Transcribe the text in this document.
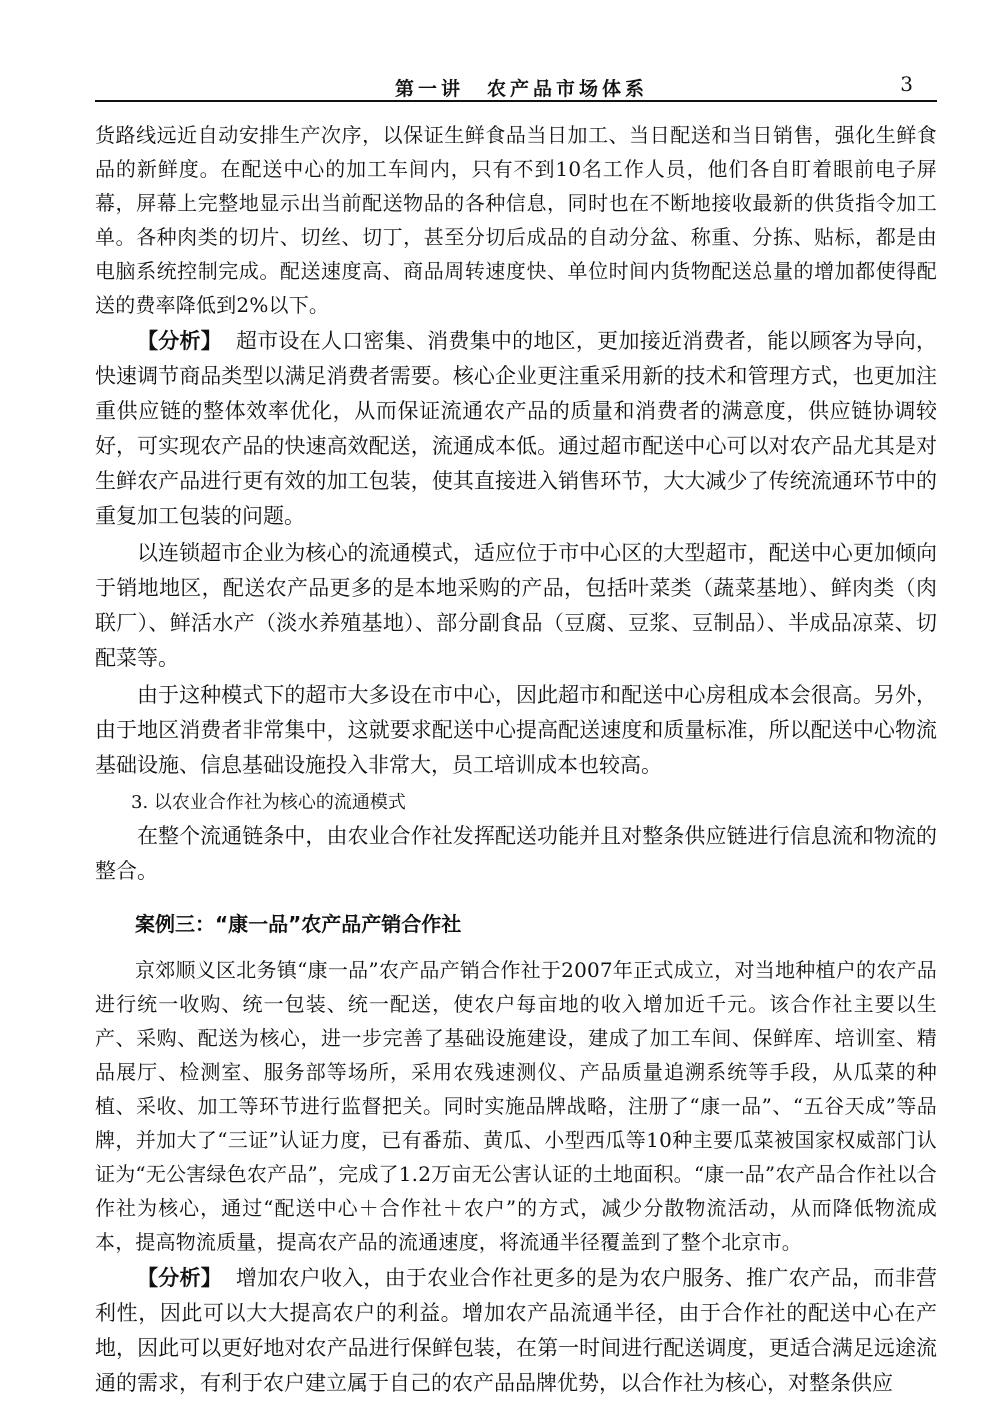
第一讲　农产品市场体系	3

货路线远近自动安排生产次序，以保证生鲜食品当日加工、当日配送和当日销售，强化生鲜食品的新鲜度。在配送中心的加工车间内，只有不到10名工作人员，他们各自盯着眼前电子屏幕，屏幕上完整地显示出当前配送物品的各种信息，同时也在不断地接收最新的供货指令加工单。各种肉类的切片、切丝、切丁，甚至分切后成品的自动分盆、称重、分拣、贴标，都是由电脑系统控制完成。配送速度高、商品周转速度快、单位时间内货物配送总量的增加都使得配送的费率降低到2%以下。

【分析】 超市设在人口密集、消费集中的地区，更加接近消费者，能以顾客为导向，快速调节商品类型以满足消费者需要。核心企业更注重采用新的技术和管理方式，也更加注重供应链的整体效率优化，从而保证流通农产品的质量和消费者的满意度，供应链协调较好，可实现农产品的快速高效配送，流通成本低。通过超市配送中心可以对农产品尤其是对生鲜农产品进行更有效的加工包装，使其直接进入销售环节，大大减少了传统流通环节中的重复加工包装的问题。

以连锁超市企业为核心的流通模式，适应位于市中心区的大型超市，配送中心更加倾向于销地地区，配送农产品更多的是本地采购的产品，包括叶菜类（蔬菜基地）、鲜肉类（肉联厂）、鲜活水产（淡水养殖基地）、部分副食品（豆腐、豆浆、豆制品）、半成品凉菜、切配菜等。

由于这种模式下的超市大多设在市中心，因此超市和配送中心房租成本会很高。另外，由于地区消费者非常集中，这就要求配送中心提高配送速度和质量标准，所以配送中心物流基础设施、信息基础设施投入非常大，员工培训成本也较高。

3. 以农业合作社为核心的流通模式

在整个流通链条中，由农业合作社发挥配送功能并且对整条供应链进行信息流和物流的整合。

案例三：“康一品”农产品产销合作社

京郊顺义区北务镇“康一品”农产品产销合作社于2007年正式成立，对当地种植户的农产品进行统一收购、统一包装、统一配送，使农户每亩地的收入增加近千元。该合作社主要以生产、采购、配送为核心，进一步完善了基础设施建设，建成了加工车间、保鲜库、培训室、精品展厅、检测室、服务部等场所，采用农残速测仪、产品质量追溯系统等手段，从瓜菜的种植、采收、加工等环节进行监督把关。同时实施品牌战略，注册了“康一品”、“五谷天成”等品牌，并加大了“三证”认证力度，已有番茄、黄瓜、小型西瓜等10种主要瓜菜被国家权威部门认证为“无公害绿色农产品”，完成了1.2万亩无公害认证的土地面积。“康一品”农产品合作社以合作社为核心，通过“配送中心＋合作社＋农户”的方式，减少分散物流活动，从而降低物流成本，提高物流质量，提高农产品的流通速度，将流通半径覆盖到了整个北京市。

【分析】 增加农户收入，由于农业合作社更多的是为农户服务、推广农产品，而非营利性，因此可以大大提高农户的利益。增加农产品流通半径，由于合作社的配送中心在产地，因此可以更好地对农产品进行保鲜包装，在第一时间进行配送调度，更适合满足远途流通的需求，有利于农户建立属于自己的农产品品牌优势，以合作社为核心，对整条供应
